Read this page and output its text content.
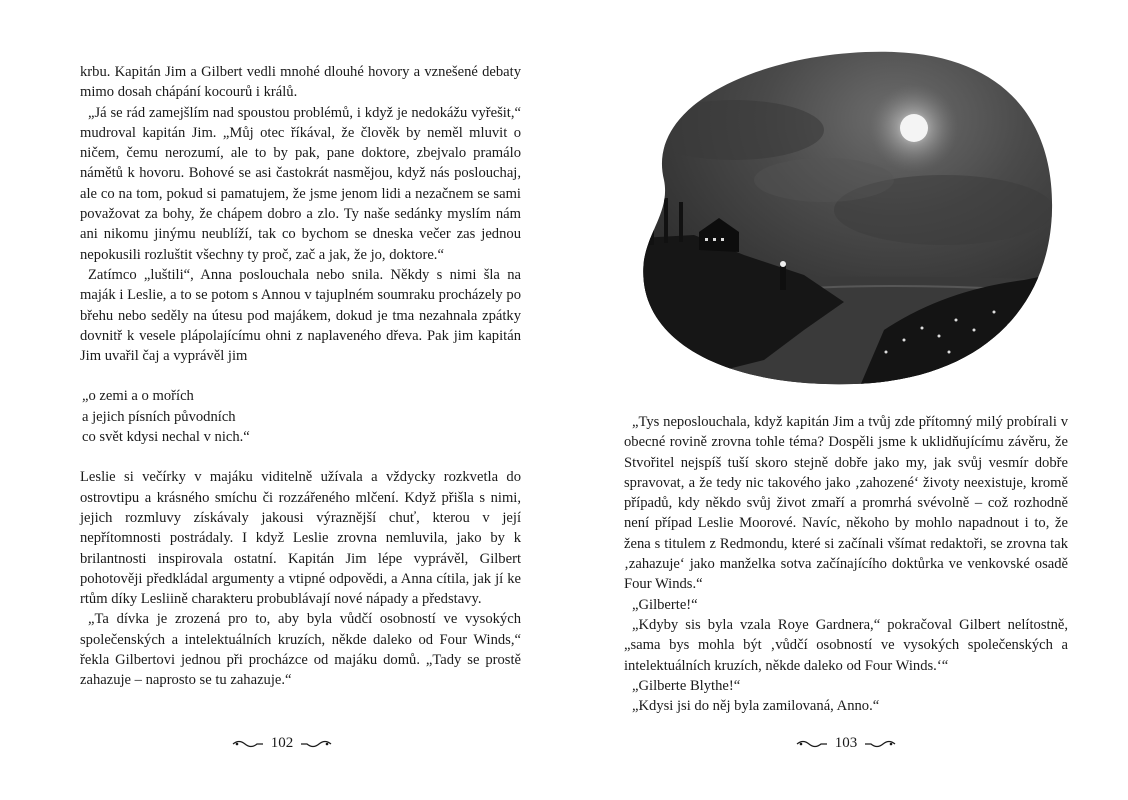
krbu. Kapitán Jim a Gilbert vedli mnohé dlouhé hovory a vznešené debaty mimo dosah chápání kocourů i králů.

„Já se rád zamejšlím nad spoustou problémů, i když je nedokážu vyřešit,“ mudroval kapitán Jim. „Můj otec říkával, že člověk by neměl mluvit o ničem, čemu nerozumí, ale to by pak, pane doktore, zbejvalo pramálo námětů k hovoru. Bohové se asi častokrát nasmějou, když nás poslouchaj, ale co na tom, pokud si pamatujem, že jsme jenom lidi a nezačnem se sami považovat za bohy, že chápem dobro a zlo. Ty naše sedánky myslím nám ani nikomu jinýmu neublíží, tak co bychom se dneska večer zas jednou nepokusili rozluštit všechny ty proč, zač a jak, že jo, doktore.“

Zatímco „luštili“, Anna poslouchala nebo snila. Někdy s nimi šla na maják i Leslie, a to se potom s Annou v tajuplném soumraku procházely po břehu nebo seděly na útesu pod majákem, dokud je tma nezahnala zpátky dovnitř k vesele plápolajícímu ohni z naplaveného dřeva. Pak jim kapitán Jim uvařil čaj a vyprávěl jim

„o zemi a o mořích
a jejich písních původních
co svět kdysi nechal v nich.“

Leslie si večírky v majáku viditelně užívala a vždycky rozkvetla do ostrovtipu a krásného smíchu či rozzářeného mlčení. Když přišla s nimi, jejich rozmluvy získávaly jakousi výraznější chuť, kterou v její nepřítomnosti postrádaly. I když Leslie zrovna nemluvila, jako by k brilantnosti inspirovala ostatní. Kapitán Jim lépe vyprávěl, Gilbert pohotověji předkládal argumenty a vtipné odpovědi, a Anna cítila, jak jí ke rtům díky Lesliině charakteru probublávají nové nápady a představy.

„Ta dívka je zrozená pro to, aby byla vůdčí osobností ve vysokých společenských a intelektuálních kruzích, někde daleko od Four Winds,“ řekla Gilbertovi jednou při procházce od majáku domů. „Tady se prostě zahazuje – naprosto se tu zahazuje.“

102

„Tys neposlouchala, když kapitán Jim a tvůj zde přítomný milý probírali v obecné rovině zrovna tohle téma? Dospěli jsme k uklidňujícímu závěru, že Stvořitel nejspíš tuší skoro stejně dobře jako my, jak svůj vesmír dobře spravovat, a že tedy nic takového jako ‚zahozené‘ životy neexistuje, kromě případů, kdy někdo svůj život zmaří a promrhá svévolně – což rozhodně není případ Leslie Moorové. Navíc, někoho by mohlo napadnout i to, že žena s titulem z Redmondu, které si začínali všímat redaktoři, se zrovna tak ‚zahazuje‘ jako manželka sotva začínajícího doktůrka ve venkovské osadě Four Winds.“

„Gilberte!“

„Kdyby sis byla vzala Roye Gardnera,“ pokračoval Gilbert nelítostně, „sama bys mohla být ‚vůdčí osobností ve vysokých společenských a intelektuálních kruzích, někde daleko od Four Winds.‘“

„Gilberte Blythe!“

„Kdysi jsi do něj byla zamilovaná, Anno.“

103
